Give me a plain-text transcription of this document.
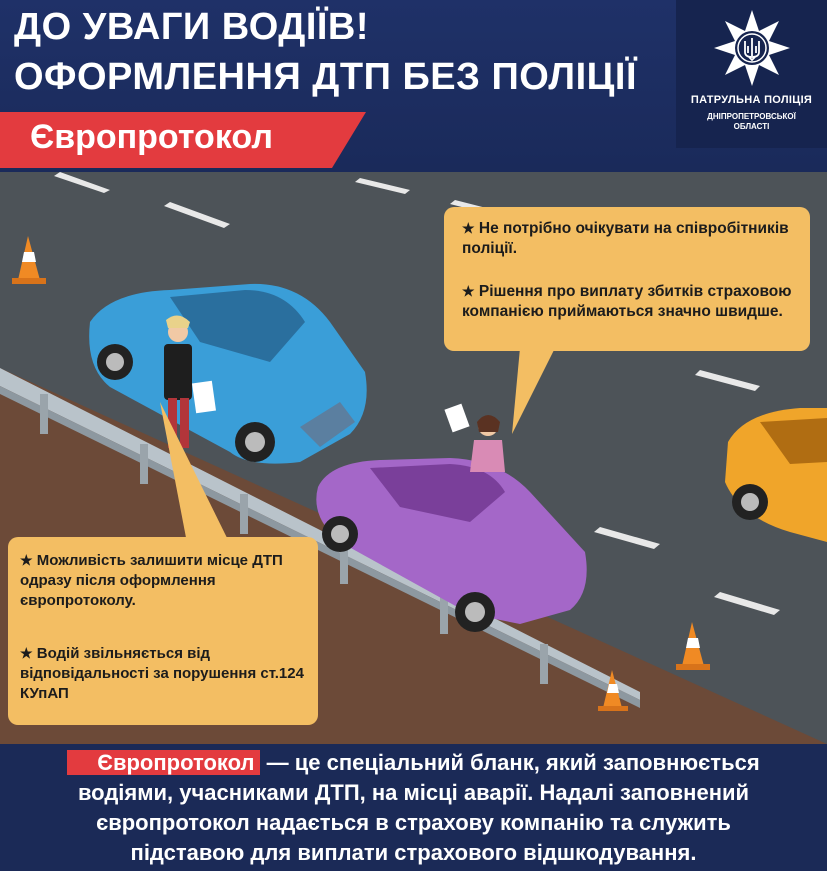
ДО УВАГИ ВОДІЇВ!
ОФОРМЛЕННЯ ДТП БЕЗ ПОЛІЦІЇ
Європротокол
ПАТРУЛЬНА ПОЛІЦІЯ
ДНІПРОПЕТРОВСЬКОЇ
ОБЛАСТІ

★ Не потрібно очікувати на співробітників поліції.

★ Рішення про виплату збитків страховою компанією приймаються значно швидше.

★ Можливість залишити місце ДТП одразу після оформлення європротоколу.

★ Водій звільняється від відповідальності за порушення ст.124 КУпАП

Європротокол — це спеціальний бланк, який заповнюється
водіями, учасниками ДТП, на місці аварії. Надалі заповнений
європротокол надається в страхову компанію та служить
підставою для виплати страхового відшкодування.
